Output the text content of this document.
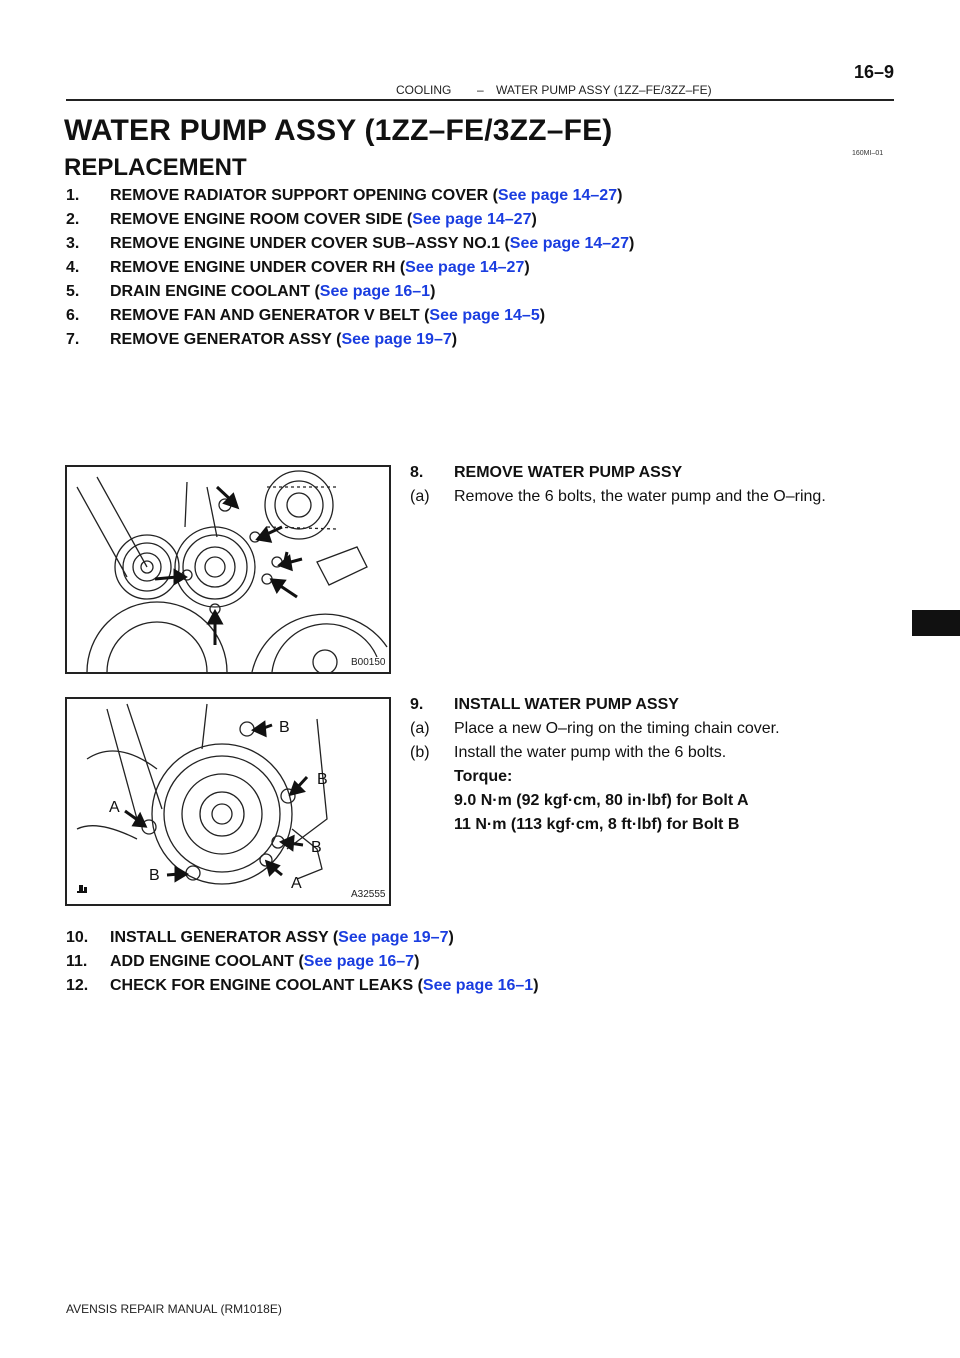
16–9
COOLING – WATER PUMP ASSY (1ZZ–FE/3ZZ–FE)
WATER PUMP ASSY (1ZZ–FE/3ZZ–FE)
160MI–01
REPLACEMENT
1. REMOVE RADIATOR SUPPORT OPENING COVER (See page 14–27)
2. REMOVE ENGINE ROOM COVER SIDE (See page 14–27)
3. REMOVE ENGINE UNDER COVER SUB–ASSY NO.1 (See page 14–27)
4. REMOVE ENGINE UNDER COVER RH (See page 14–27)
5. DRAIN ENGINE COOLANT (See page 16–1)
6. REMOVE FAN AND GENERATOR V BELT (See page 14–5)
7. REMOVE GENERATOR ASSY (See page 19–7)
B00150
8. REMOVE WATER PUMP ASSY
(a) Remove the 6 bolts, the water pump and the O–ring.
B
B
A
B
B	A
A32555
9. INSTALL WATER PUMP ASSY
(a) Place a new O–ring on the timing chain cover.
(b) Install the water pump with the 6 bolts.
Torque:
9.0 N·m (92 kgf·cm, 80 in·lbf) for Bolt A
11 N·m (113 kgf·cm, 8 ft·lbf) for Bolt B
10. INSTALL GENERATOR ASSY (See page 19–7)
11. ADD ENGINE COOLANT (See page 16–7)
12. CHECK FOR ENGINE COOLANT LEAKS (See page 16–1)
AVENSIS REPAIR MANUAL (RM1018E)
